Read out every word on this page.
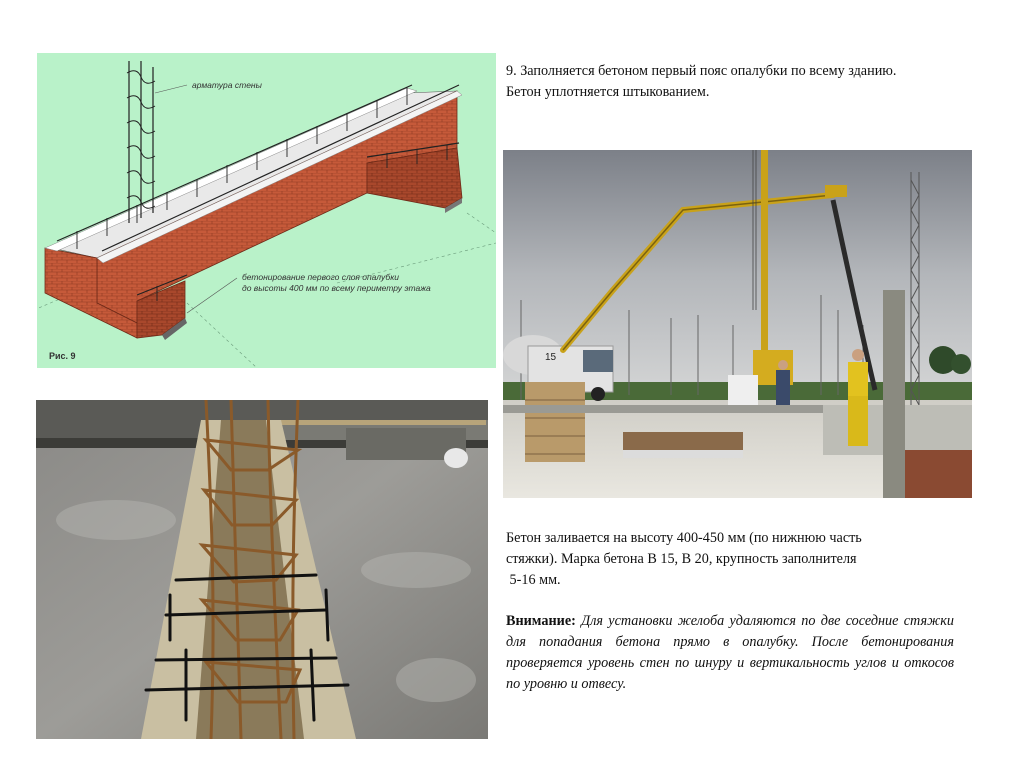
арматура стены
бетонирование первого слоя опалубки
до высоты 400 мм по всему периметру этажа
Рис. 9
9. Заполняется бетоном первый пояс опалубки по всему зданию.
Бетон уплотняется штыкованием.
15
Бетон заливается на высоту 400-450 мм (по нижнюю часть
стяжки). Марка бетона В 15, В 20, крупность заполнителя
5-16 мм.
Внимание: Для установки желоба удаляются по две соседние стяжки для попадания бетона прямо в опалубку. После бетонирования проверяется уровень стен по шнуру и вертикальность углов и откосов по уровню и отвесу.
